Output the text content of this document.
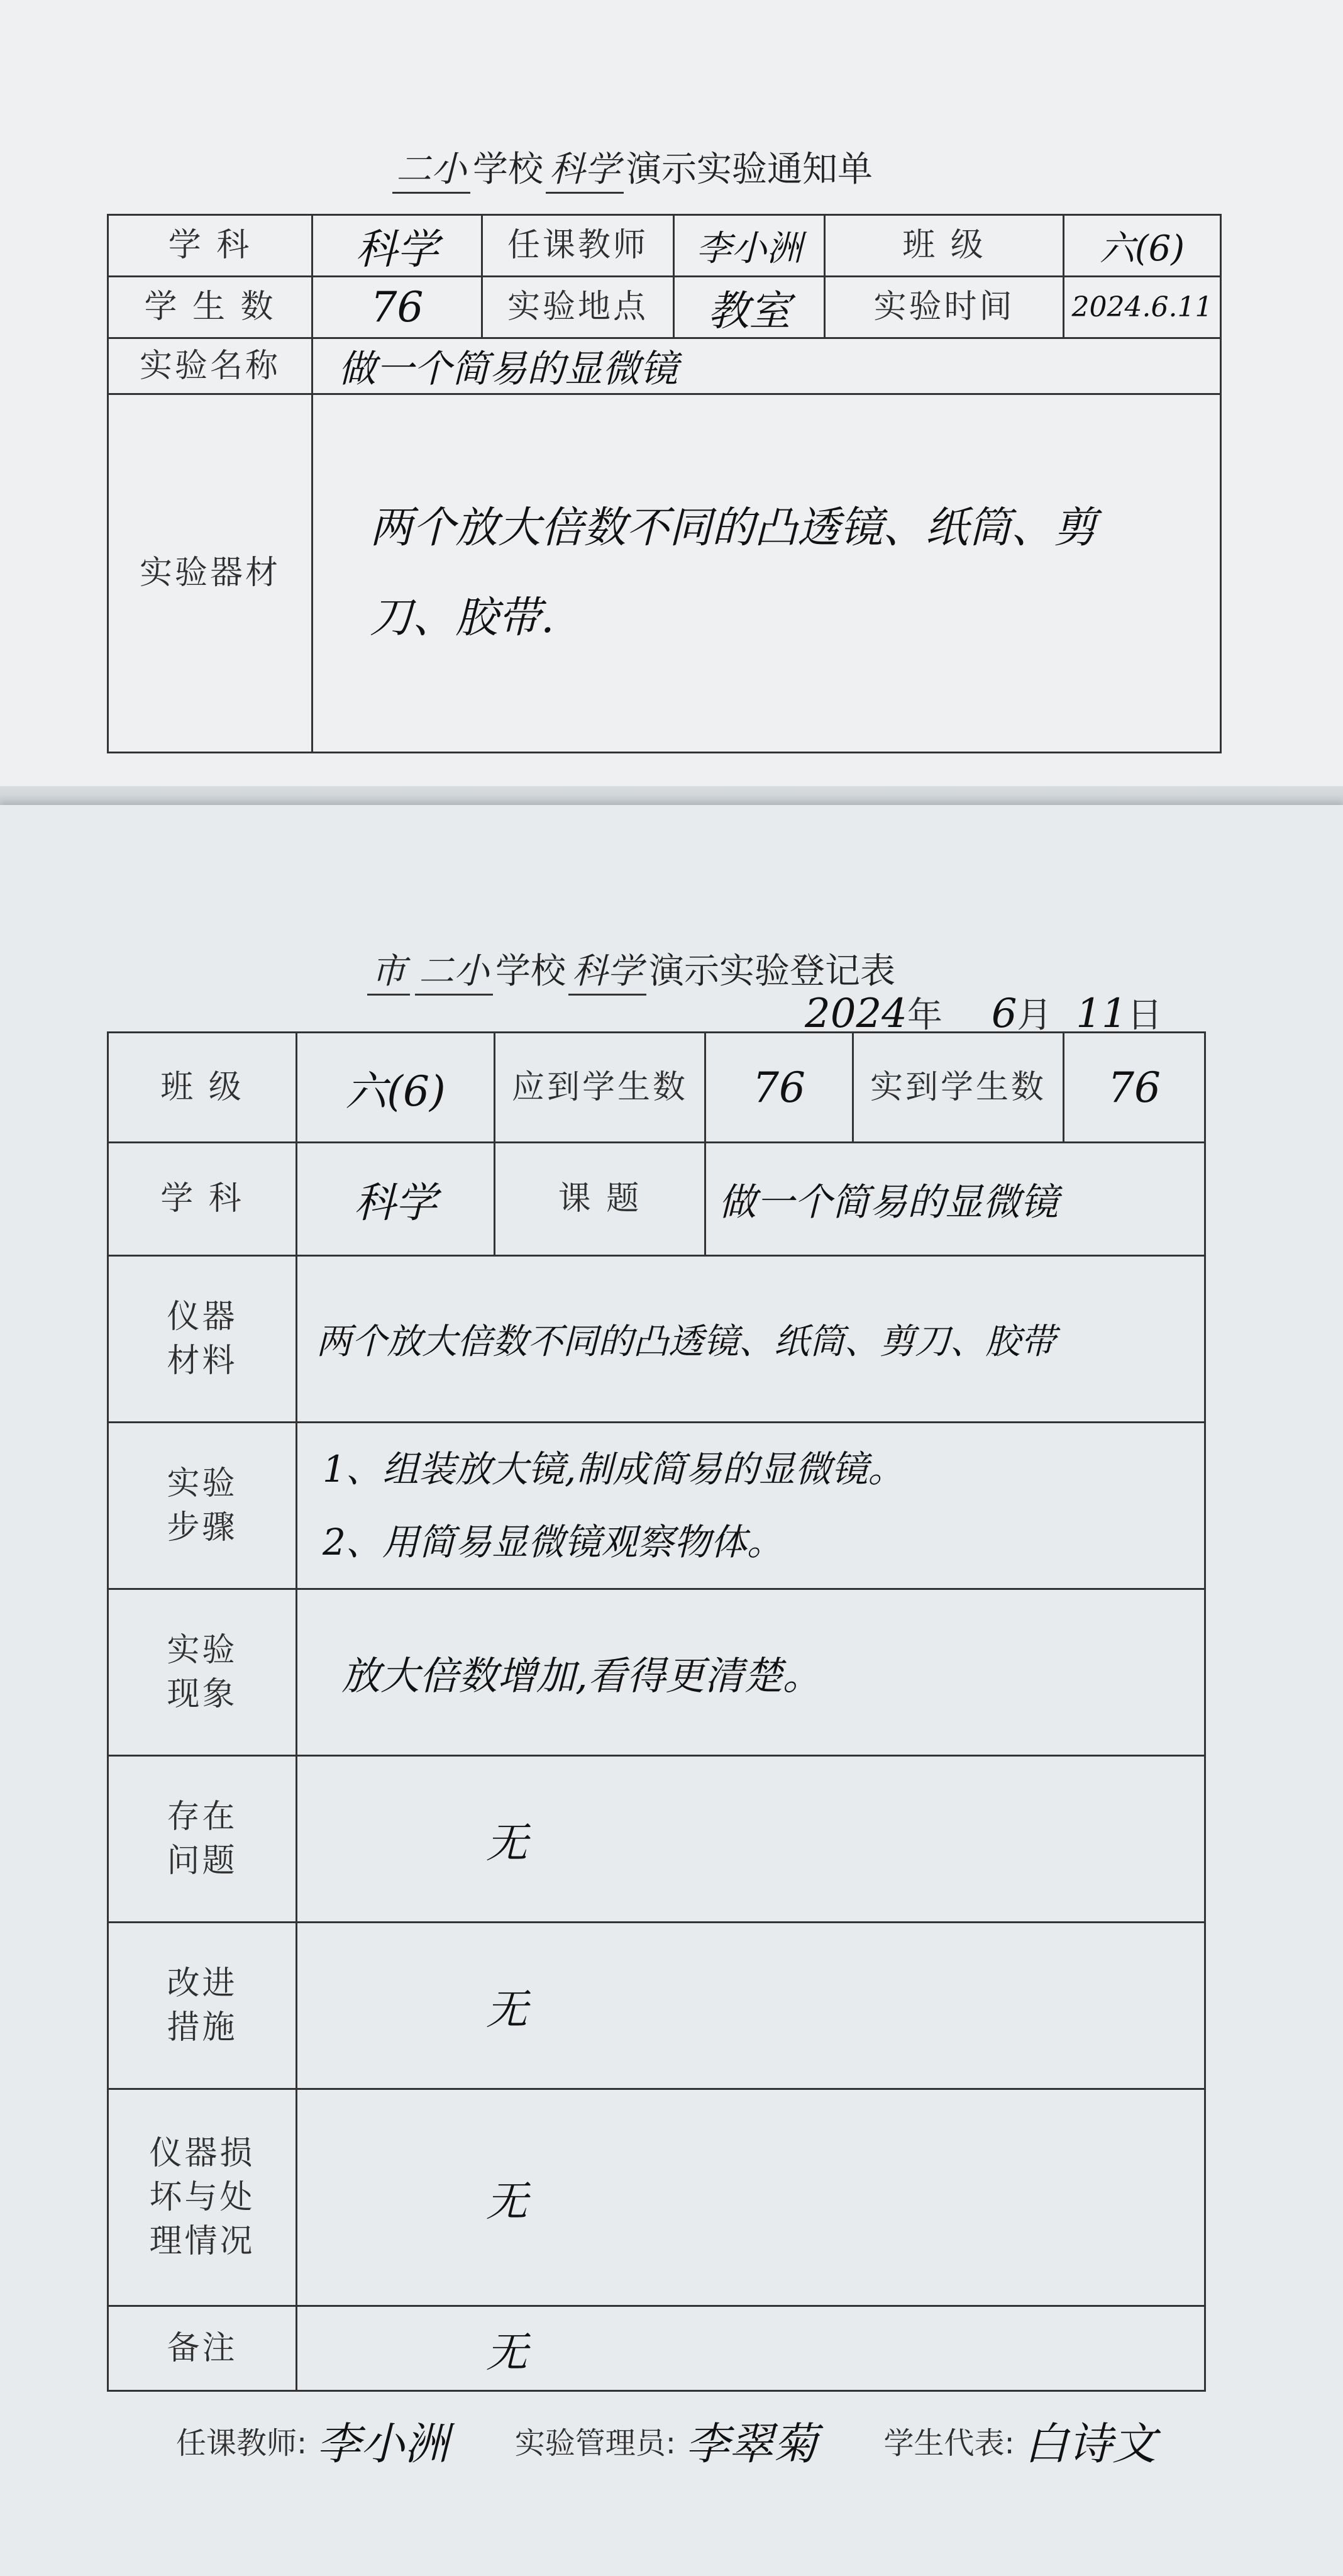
二小 学校 科学 演示实验通知单
学 科	科学	任课教师	李小洲	班 级	六(6)
学 生 数	76	实验地点	教室	实验时间	2024.6.11
实验名称	做一个简易的显微镜				
实验器材	两个放大倍数不同的凸透镜、纸筒、剪刀、胶带.				
市 二小 学校 科学 演示实验登记表
2024年 6月 11日
班 级	六(6)	应到学生数	76	实到学生数	76
学 科	科学	课 题	做一个简易的显微镜		
仪器材料	两个放大倍数不同的凸透镜、纸筒、剪刀、胶带				
实验步骤	1、组装放大镜,制成简易的显微镜。
2、用简易显微镜观察物体。				

实验现象	放大倍数增加,看得更清楚。				
存在问题	无				
改进措施	无				
仪器损坏与处理情况	无				
备注	无				
任课教师: 李小洲 实验管理员: 李翠菊 学生代表: 白诗文
